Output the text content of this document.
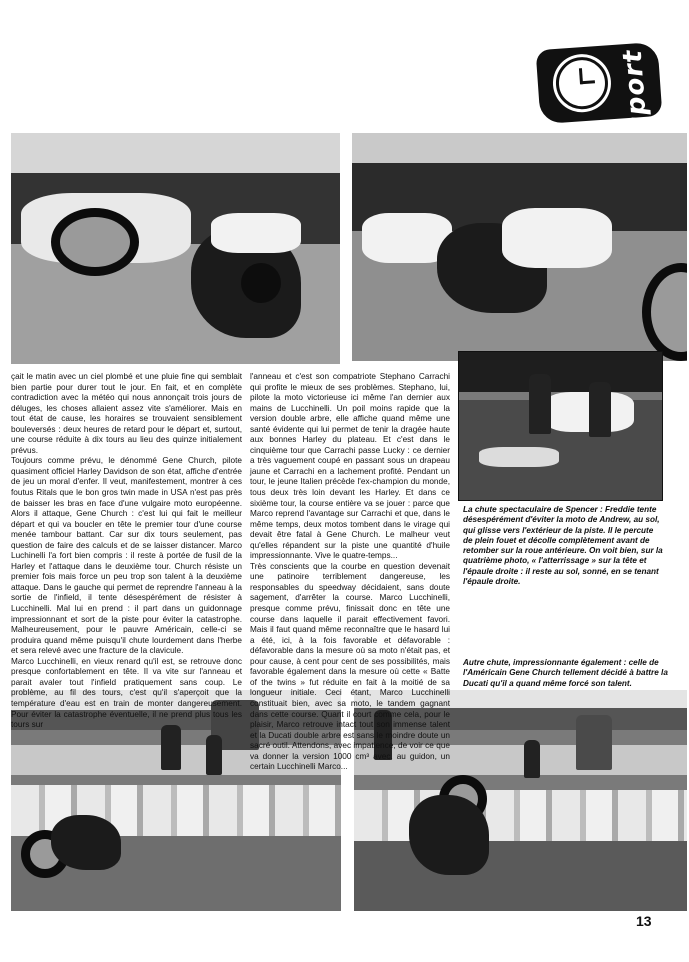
sport

çait le matin avec un ciel plombé et une pluie fine qui semblait bien partie pour durer tout le jour. En fait, et en complète contradiction avec la météo qui nous annonçait trois jours de déluges, les choses allaient assez vite s'améliorer. Mais en tout état de cause, les horaires se trouvaient sensiblement bouleversés : deux heures de retard pour le départ et, surtout, une course réduite à dix tours au lieu des quinze initialement prévus.

Toujours comme prévu, le dénommé Gene Church, pilote quasiment officiel Harley Davidson de son état, affiche d'entrée de jeu un moral d'enfer. Il veut, manifestement, montrer à ces foutus Ritals que le bon gros twin made in USA n'est pas près de baisser les bras en face d'une vulgaire moto européenne. Alors il attaque, Gene Church : c'est lui qui fait le meilleur départ et qui va boucler en tête le premier tour d'une course menée tambour battant. Car sur dix tours seulement, pas question de faire des calculs et de se laisser distancer. Marco Luchinelli l'a fort bien compris : il reste à portée de fusil de la Harley et l'attaque dans le deuxième tour. Church résiste un premier fois mais force un peu trop son talent à la deuxième attaque. Dans le gauche qui permet de reprendre l'anneau à la sortie de l'infield, il tente désespérément de résister à Lucchinelli. Mal lui en prend : il part dans un guidonnage impressionnant et sort de la piste pour éviter la catastrophe. Malheureusement, pour le pauvre Américain, celle-ci se produira quand même puisqu'il chute lourdement dans l'herbe et sera relevé avec une fracture de la clavicule.

Marco Lucchinelli, en vieux renard qu'il est, se retrouve donc presque confortablement en tête. Il va vite sur l'anneau et parait avaler tout l'infield pratiquement sans coup. Le problème, au fil des tours, c'est qu'il s'aperçoit que la température d'eau est en train de monter dangereusement. Pour éviter la catastrophe éventuelle, il ne prend plus tous les tours sur

l'anneau et c'est son compatriote Stephano Carrachi qui profite le mieux de ses problèmes. Stephano, lui, pilote la moto victorieuse ici même l'an dernier aux mains de Lucchinelli. Un poil moins rapide que la version double arbre, elle affiche quand même une santé évidente qui lui permet de tenir la dragée haute aux bonnes Harley du plateau. Et c'est dans le cinquième tour que Carrachi passe Lucky : ce dernier a très vaguement coupé en passant sous un drapeau jaune et Carrachi en a lachement profité. Pendant un tour, le jeune Italien précède l'ex-champion du monde, tous deux très loin devant les Harley. Et dans ce sixième tour, la course entière va se jouer : parce que Marco reprend l'avantage sur Carrachi et que, dans le même temps, deux motos tombent dans le virage qui devait être fatal à Gene Church. Le malheur veut qu'elles répandent sur la piste une quantité d'huile impressionnante. Vive le quatre-temps...

Très conscients que la courbe en question devenait une patinoire terriblement dangereuse, les responsables du speedway décidaient, sans doute sagement, d'arrêter la course. Marco Lucchinelli, presque comme prévu, finissait donc en tête une course dans laquelle il parait effectivement favori. Mais il faut quand même reconnaître que le hasard lui a été, ici, à la fois favorable et défavorable : défavorable dans la mesure où sa moto n'était pas, et pour cause, à cent pour cent de ses possibilités, mais favorable également dans la mesure où cette « Batte of the twins » fut réduite en fait à la moitié de sa longueur initiale. Ceci étant, Marco Lucchinelli constituait bien, avec sa moto, le tandem gagnant dans cette course. Quant il court comme cela, pour le plaisir, Marco retrouve intact tout son immense talent et la Ducati double arbre est sans le moindre doute un sacré outil. Attendons, avec impatience, de voir ce que va donner la version 1000 cm³ avec, au guidon, un certain Lucchinelli Marco...

La chute spectaculaire de Spencer : Freddie tente désespérément d'éviter la moto de Andrew, au sol, qui glisse vers l'extérieur de la piste. Il le percute de plein fouet et décolle complètement avant de retomber sur la roue antérieure. On voit bien, sur la quatrième photo, « l'atterrissage » sur la tête et l'épaule droite : il reste au sol, sonné, en se tenant l'épaule droite.
Autre chute, impressionnante également : celle de l'Américain Gene Church tellement décidé à battre la Ducati qu'il a quand même forcé son talent.
13
